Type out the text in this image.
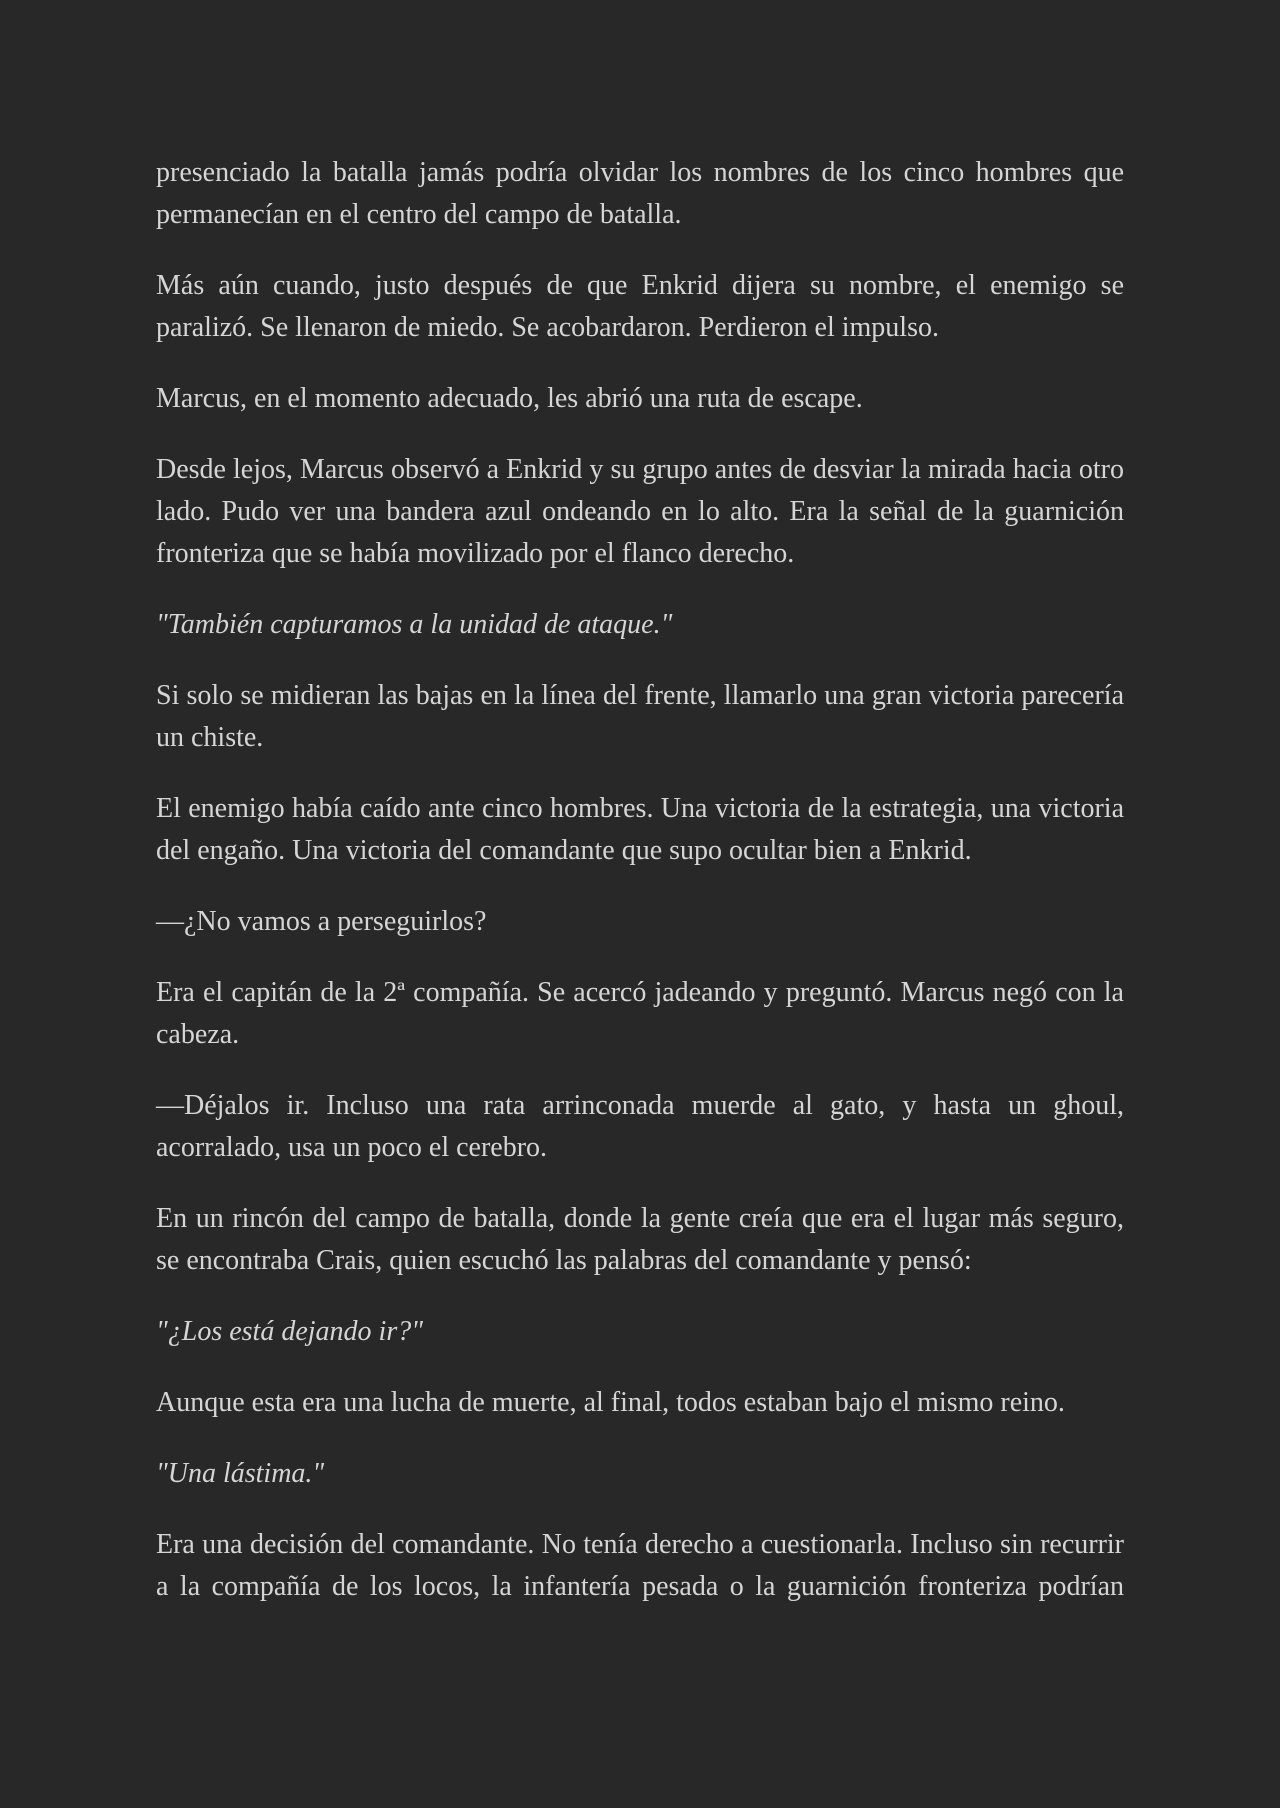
presenciado la batalla jamás podría olvidar los nombres de los cinco hombres que permanecían en el centro del campo de batalla.

Más aún cuando, justo después de que Enkrid dijera su nombre, el enemigo se paralizó. Se llenaron de miedo. Se acobardaron. Perdieron el impulso.

Marcus, en el momento adecuado, les abrió una ruta de escape.

Desde lejos, Marcus observó a Enkrid y su grupo antes de desviar la mirada hacia otro lado. Pudo ver una bandera azul ondeando en lo alto. Era la señal de la guarnición fronteriza que se había movilizado por el flanco derecho.

"También capturamos a la unidad de ataque."

Si solo se midieran las bajas en la línea del frente, llamarlo una gran victoria parecería un chiste.

El enemigo había caído ante cinco hombres. Una victoria de la estrategia, una victoria del engaño. Una victoria del comandante que supo ocultar bien a Enkrid.

—¿No vamos a perseguirlos?

Era el capitán de la 2ª compañía. Se acercó jadeando y preguntó. Marcus negó con la cabeza.

—Déjalos ir. Incluso una rata arrinconada muerde al gato, y hasta un ghoul, acorralado, usa un poco el cerebro.

En un rincón del campo de batalla, donde la gente creía que era el lugar más seguro, se encontraba Crais, quien escuchó las palabras del comandante y pensó:

"¿Los está dejando ir?"

Aunque esta era una lucha de muerte, al final, todos estaban bajo el mismo reino.

"Una lástima."

Era una decisión del comandante. No tenía derecho a cuestionarla. Incluso sin recurrir a la compañía de los locos, la infantería pesada o la guarnición fronteriza podrían
